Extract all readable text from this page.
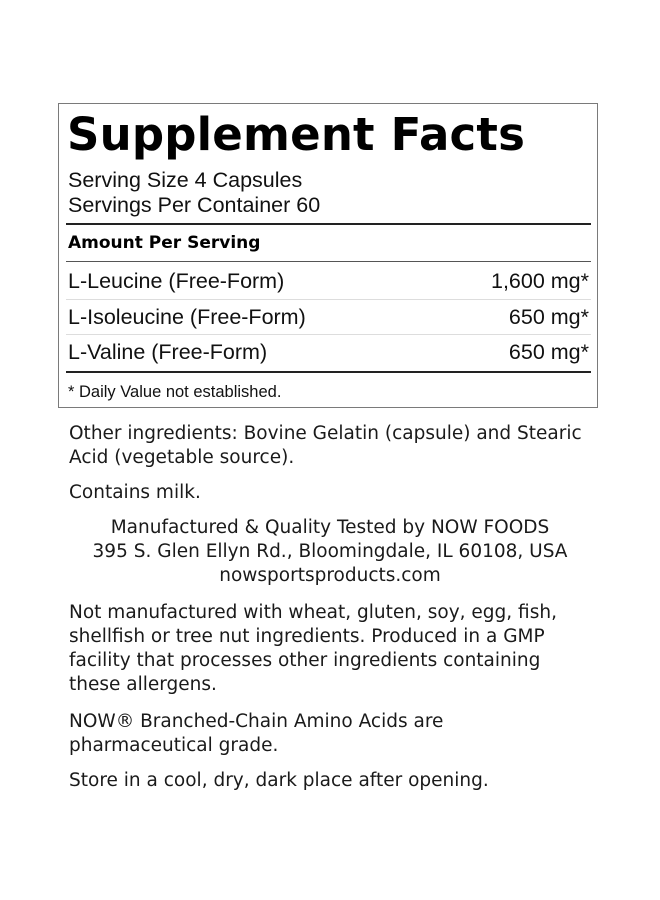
Supplement Facts
Serving Size 4 Capsules
Servings Per Container 60
Amount Per Serving
L-Leucine (Free-Form)	1,600 mg*
L-Isoleucine (Free-Form)	650 mg*
L-Valine (Free-Form)	650 mg*
* Daily Value not established.
Other ingredients: Bovine Gelatin (capsule) and Stearic
Acid (vegetable source).
Contains milk.
Manufactured & Quality Tested by NOW FOODS
395 S. Glen Ellyn Rd., Bloomingdale, IL 60108, USA
nowsportsproducts.com
Not manufactured with wheat, gluten, soy, egg, fish,
shellfish or tree nut ingredients. Produced in a GMP
facility that processes other ingredients containing
these allergens.
NOW® Branched-Chain Amino Acids are
pharmaceutical grade.
Store in a cool, dry, dark place after opening.
